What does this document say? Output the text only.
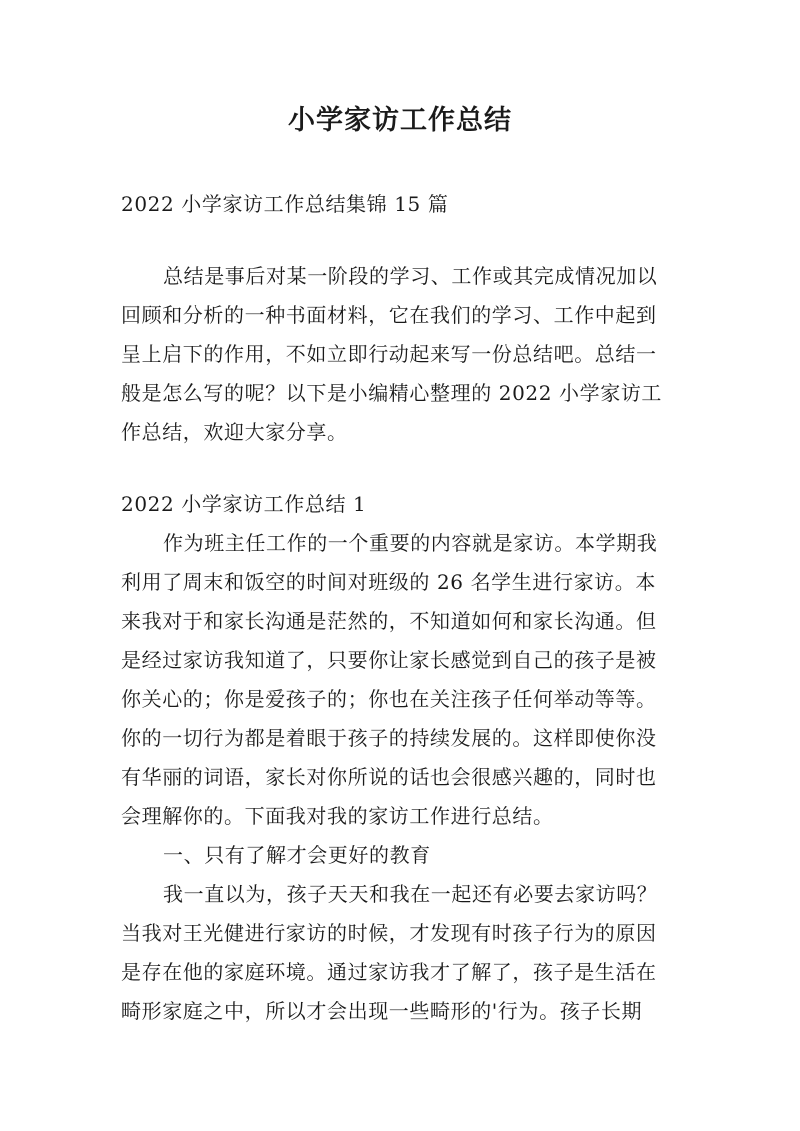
小学家访工作总结
2022 小学家访工作总结集锦 15 篇
总结是事后对某一阶段的学习、工作或其完成情况加以
回顾和分析的一种书面材料，它在我们的学习、工作中起到
呈上启下的作用，不如立即行动起来写一份总结吧。总结一
般是怎么写的呢？以下是小编精心整理的 2022 小学家访工
作总结，欢迎大家分享。
2022 小学家访工作总结 1
作为班主任工作的一个重要的内容就是家访。本学期我
利用了周末和饭空的时间对班级的 26 名学生进行家访。本
来我对于和家长沟通是茫然的，不知道如何和家长沟通。但
是经过家访我知道了，只要你让家长感觉到自己的孩子是被
你关心的；你是爱孩子的；你也在关注孩子任何举动等等。
你的一切行为都是着眼于孩子的持续发展的。这样即使你没
有华丽的词语，家长对你所说的话也会很感兴趣的，同时也
会理解你的。下面我对我的家访工作进行总结。
一、只有了解才会更好的教育
我一直以为，孩子天天和我在一起还有必要去家访吗？
当我对王光健进行家访的时候，才发现有时孩子行为的原因
是存在他的家庭环境。通过家访我才了解了，孩子是生活在
畸形家庭之中，所以才会出现一些畸形的'行为。孩子长期
